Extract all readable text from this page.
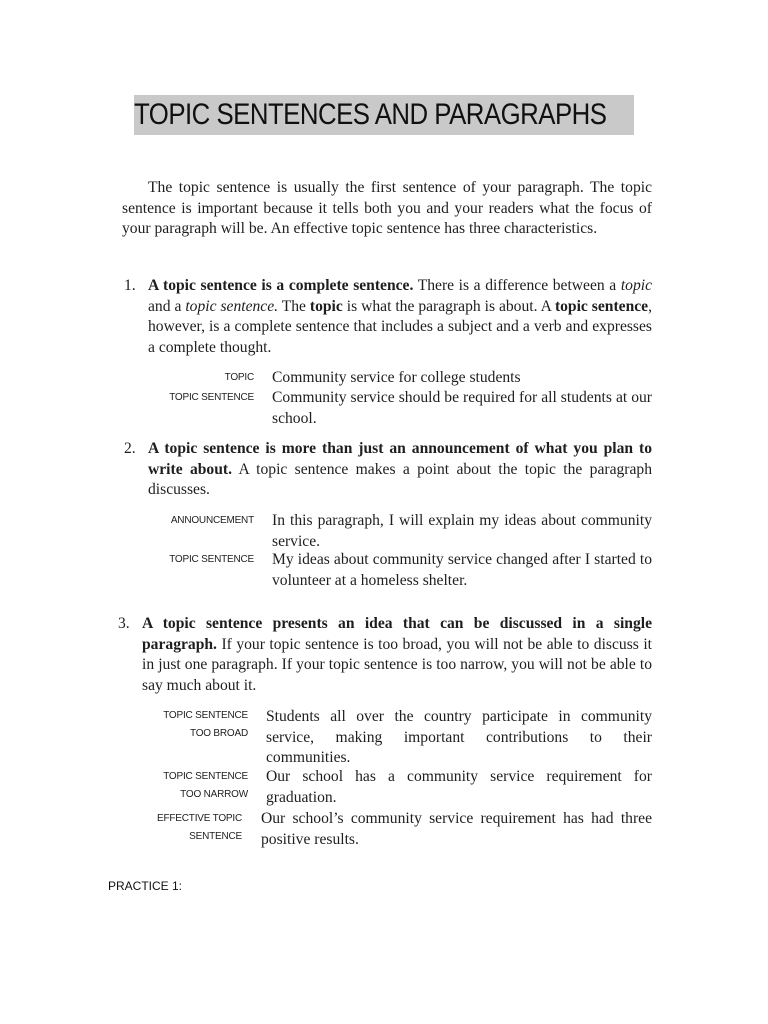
TOPIC SENTENCES AND PARAGRAPHS

The topic sentence is usually the first sentence of your paragraph. The topic sentence is important because it tells both you and your readers what the focus of your paragraph will be. An effective topic sentence has three characteristics.

1. A topic sentence is a complete sentence. There is a difference between a topic and a topic sentence. The topic is what the paragraph is about. A topic sentence, however, is a complete sentence that includes a subject and a verb and expresses a complete thought.
TOPIC Community service for college students

TOPIC SENTENCE Community service should be required for all students at our school.

2. A topic sentence is more than just an announcement of what you plan to write about. A topic sentence makes a point about the topic the paragraph discusses.
ANNOUNCEMENT In this paragraph, I will explain my ideas about community service.

TOPIC SENTENCE My ideas about community service changed after I started to volunteer at a homeless shelter.

3. A topic sentence presents an idea that can be discussed in a single paragraph. If your topic sentence is too broad, you will not be able to discuss it in just one paragraph. If your topic sentence is too narrow, you will not be able to say much about it.
TOPIC SENTENCE
TOO BROAD

Students all over the country participate in community service, making important contributions to their communities.

TOPIC SENTENCE
TOO NARROW

Our school has a community service requirement for graduation.

EFFECTIVE TOPIC
SENTENCE

Our school’s community service requirement has had three positive results.

PRACTICE 1:
